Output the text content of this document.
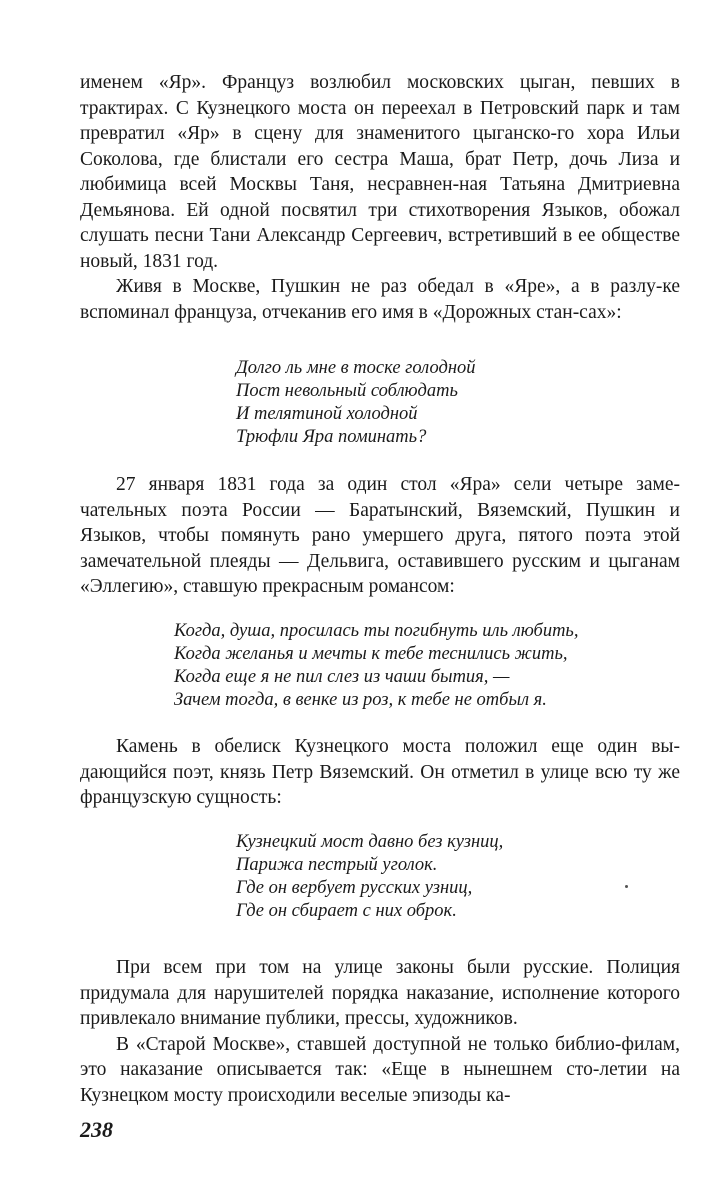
именем «Яр». Француз возлюбил московских цыган, певших в трактирах. С Кузнецкого моста он переехал в Петровский парк и там превратил «Яр» в сцену для знаменитого цыганско-го хора Ильи Соколова, где блистали его сестра Маша, брат Петр, дочь Лиза и любимица всей Москвы Таня, несравнен-ная Татьяна Дмитриевна Демьянова. Ей одной посвятил три стихотворения Языков, обожал слушать песни Тани Александр Сергеевич, встретивший в ее обществе новый, 1831 год.

Живя в Москве, Пушкин не раз обедал в «Яре», а в разлу-ке вспоминал француза, отчеканив его имя в «Дорожных стан-сах»:

Долго ль мне в тоске голодной
Пост невольный соблюдать
И телятиной холодной
Трюфли Яра поминать?

27 января 1831 года за один стол «Яра» сели четыре заме-чательных поэта России — Баратынский, Вяземский, Пушкин и Языков, чтобы помянуть рано умершего друга, пятого поэта этой замечательной плеяды — Дельвига, оставившего русским и цыганам «Эллегию», ставшую прекрасным романсом:

Когда, душа, просилась ты погибнуть иль любить,
Когда желанья и мечты к тебе теснились жить,
Когда еще я не пил слез из чаши бытия, —
Зачем тогда, в венке из роз, к тебе не отбыл я.

Камень в обелиск Кузнецкого моста положил еще один вы-дающийся поэт, князь Петр Вяземский. Он отметил в улице всю ту же французскую сущность:

Кузнецкий мост давно без кузниц,
Парижа пестрый уголок.
Где он вербует русских узниц,
Где он сбирает с них оброк.

При всем при том на улице законы были русские. Полиция придумала для нарушителей порядка наказание, исполнение которого привлекало внимание публики, прессы, художников.

В «Старой Москве», ставшей доступной не только библио-филам, это наказание описывается так: «Еще в нынешнем сто-летии на Кузнецком мосту происходили веселые эпизоды ка-

238
